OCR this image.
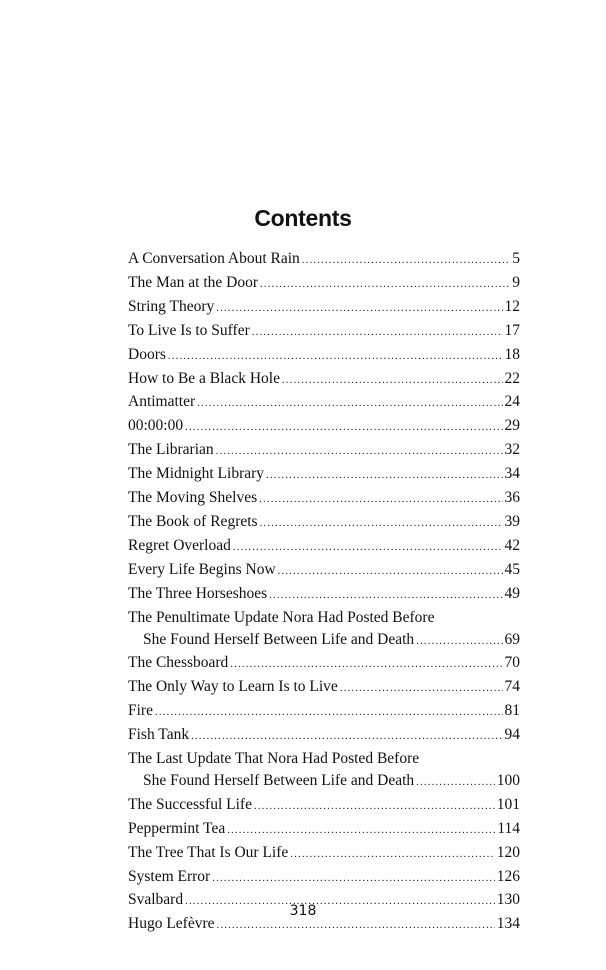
Contents
A Conversation About Rain .....	5
The Man at the Door .....	9
String Theory .....	12
To Live Is to Suffer .....	17
Doors .....	18
How to Be a Black Hole .....	22
Antimatter .....	24
00:00:00 .....	29
The Librarian .....	32
The Midnight Library .....	34
The Moving Shelves .....	36
The Book of Regrets .....	39
Regret Overload .....	42
Every Life Begins Now .....	45
The Three Horseshoes .....	49
The Penultimate Update Nora Had Posted Before
She Found Herself Between Life and Death .....	69
The Chessboard .....	70
The Only Way to Learn Is to Live .....	74
Fire .....	81
Fish Tank .....	94
The Last Update That Nora Had Posted Before
She Found Herself Between Life and Death .....	100
The Successful Life .....	101
Peppermint Tea .....	114
The Tree That Is Our Life .....	120
System Error .....	126
Svalbard .....	130
Hugo Lefèvre .....	134
318
